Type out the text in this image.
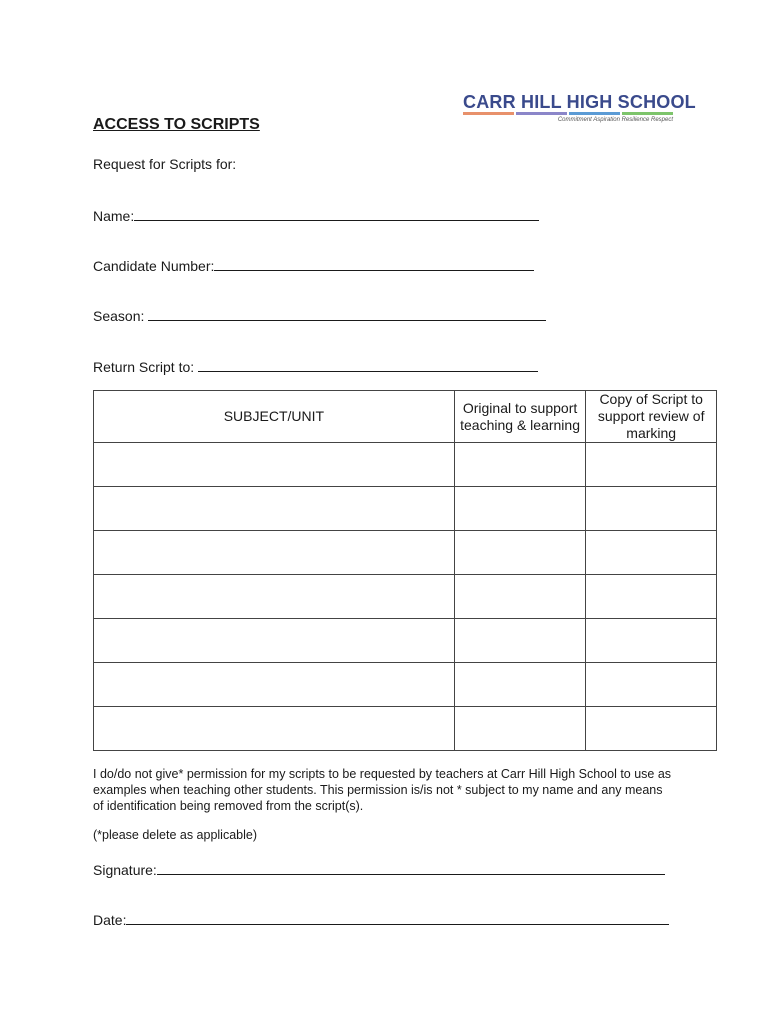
CARR HILL HIGH SCHOOL
Commitment Aspiration Resilience Respect
ACCESS TO SCRIPTS
Request for Scripts for:
Name:
Candidate Number:
Season:
Return Script to:
SUBJECT/UNIT	Original to support teaching & learning	Copy of Script to support review of marking

I do/do not give* permission for my scripts to be requested by teachers at Carr Hill High School to use as examples when teaching other students. This permission is/is not * subject to my name and any means of identification being removed from the script(s).

(*please delete as applicable)
Signature:
Date:
